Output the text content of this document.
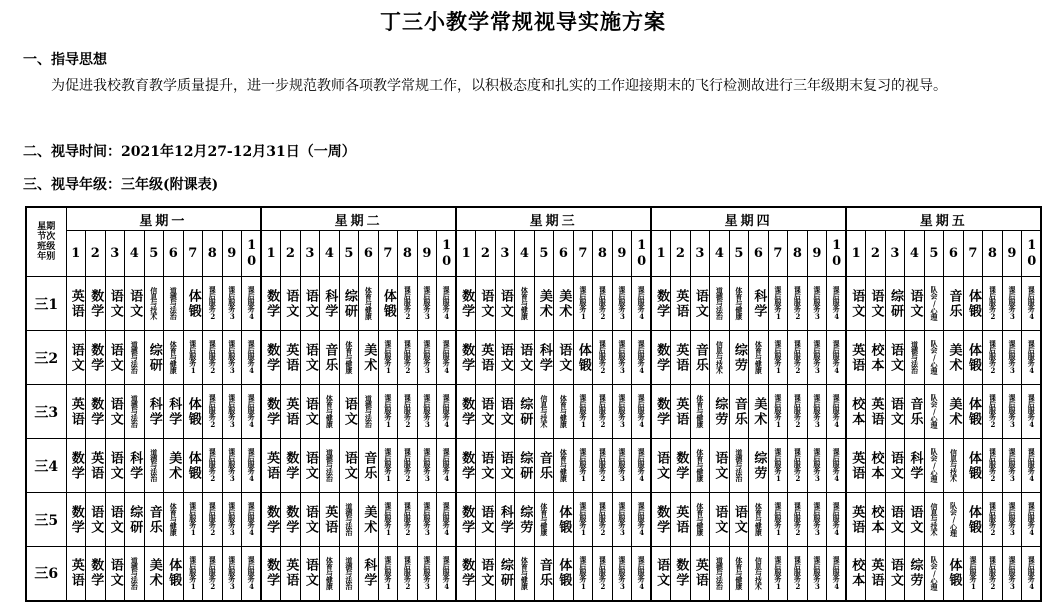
丁三小教学常规视导实施方案
一、指导思想
为促进我校教育教学质量提升，进一步规范教师各项教学常规工作，以积极态度和扎实的工作迎接期末的飞行检测故进行三年级期末复习的视导。
二、视导时间：2021年12月27-12月31日（一周）
三、视导年级：三年级(附课表)
星期
节次
班级
年别	星期一										星期二										星期三										星期四										星期五									
	1	2	3	4	5	6	7	8	9	10	1	2	3	4	5	6	7	8	9	10	1	2	3	4	5	6	7	8	9	10	1	2	3	4	5	6	7	8	9	10	1	2	3	4	5	6	7	8	9	10
三1	英语	数学	语文	语文	信息与技术	道德与法治	体锻	课后服务2	课后服务3	课后服务4	数学	语文	语文	科学	综研	体育与健康	体锻	课后服务2	课后服务3	课后服务4	数学	语文	语文	体育与健康	美术	美术	课后服务1	课后服务2	课后服务3	课后服务4	数学	英语	语文	道德与法治	体育与健康	科学	课后服务1	课后服务2	课后服务3	课后服务4	语文	语文	综研	语文	队会/心理	音乐	体锻	课后服务2	课后服务3	课后服务4

三2	语文	数学	语文	道德与法治	综研	体育与健康	课后服务1	课后服务2	课后服务3	课后服务4	数学	英语	语文	音乐	体育与健康	美术	课后服务1	课后服务2	课后服务3	课后服务4	数学	英语	语文	语文	科学	语文	体锻	课后服务2	课后服务3	课后服务4	数学	英语	音乐	信息与技术	综劳	体育与健康	课后服务1	课后服务2	课后服务3	课后服务4	英语	校本	语文	道德与法治	队会/心理	美术	体锻	课后服务2	课后服务3	课后服务4

三3	英语	数学	语文	道德与法治	科学	科学	体锻	课后服务2	课后服务3	课后服务4	数学	英语	语文	体育与健康	语文	道德与法治	课后服务1	课后服务2	课后服务3	课后服务4	数学	语文	语文	综研	信息与技术	体育与健康	课后服务1	课后服务2	课后服务3	课后服务4	数学	英语	体育与健康	综劳	音乐	美术	课后服务1	课后服务2	课后服务3	课后服务4	校本	英语	语文	音乐	队会/心理	美术	体锻	课后服务2	课后服务3	课后服务4

三4	数学	英语	语文	科学	道德与法治	美术	体锻	课后服务2	课后服务3	课后服务4	英语	数学	语文	道德与法治	语文	音乐	课后服务1	课后服务2	课后服务3	课后服务4	数学	语文	语文	综研	音乐	体育与健康	课后服务1	课后服务2	课后服务3	课后服务4	语文	数学	体育与健康	语文	道德与法治	综劳	课后服务1	课后服务2	课后服务3	课后服务4	英语	校本	语文	科学	队会/心理	信息与技术	体锻	课后服务2	课后服务3	课后服务4

三5	数学	语文	语文	综研	音乐	体育与健康	课后服务1	课后服务2	课后服务3	课后服务4	数学	数学	语文	英语	道德与法治	美术	课后服务1	课后服务2	课后服务3	课后服务4	数学	语文	科学	综劳	体育与健康	体锻	课后服务1	课后服务2	课后服务3	课后服务4	数学	英语	体育与健康	语文	语文	体育与健康	课后服务1	课后服务2	课后服务3	课后服务4	英语	校本	语文	语文	信息与技术	队会/心理	体锻	课后服务2	课后服务3	课后服务4

三6	英语	数学	语文	道德与法治	美术	体锻	课后服务1	课后服务2	课后服务3	课后服务4	数学	英语	语文	体育与健康	道德与法治	科学	课后服务1	课后服务2	课后服务3	课后服务4	数学	语文	综研	体育与健康	音乐	体锻	课后服务1	课后服务2	课后服务3	课后服务4	语文	数学	英语	道德与法治	体育与健康	信息与技术	课后服务1	课后服务2	课后服务3	课后服务4	校本	英语	语文	综劳	队会/心理	体锻	课后服务1	课后服务2	课后服务3	课后服务4
